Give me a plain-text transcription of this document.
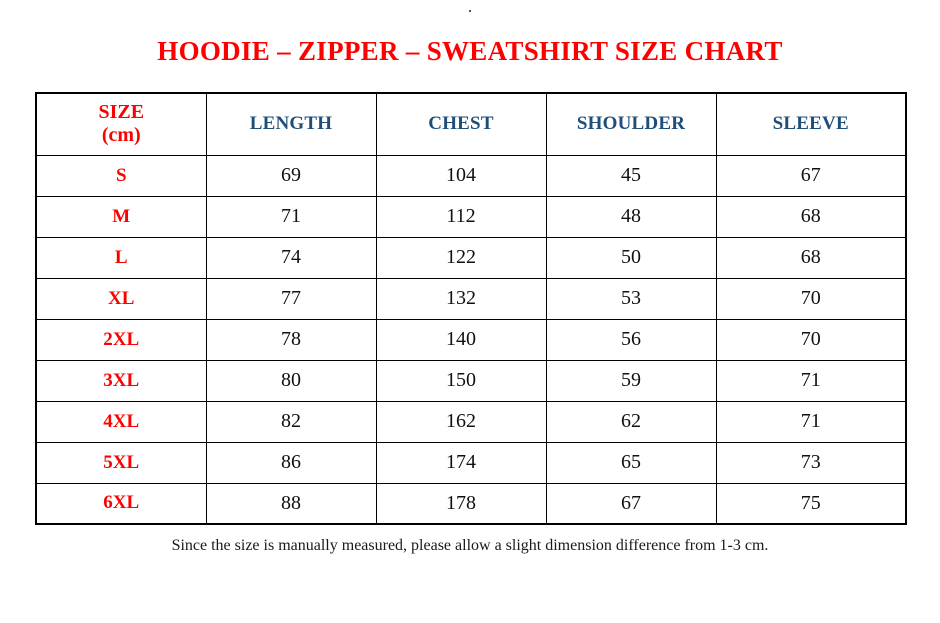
.
HOODIE – ZIPPER – SWEATSHIRT SIZE CHART
SIZE
(cm)	LENGTH	CHEST	SHOULDER	SLEEVE
S	69	104	45	67
M	71	112	48	68
L	74	122	50	68
XL	77	132	53	70
2XL	78	140	56	70
3XL	80	150	59	71
4XL	82	162	62	71
5XL	86	174	65	73
6XL	88	178	67	75

Since the size is manually measured, please allow a slight dimension difference from 1-3 cm.
